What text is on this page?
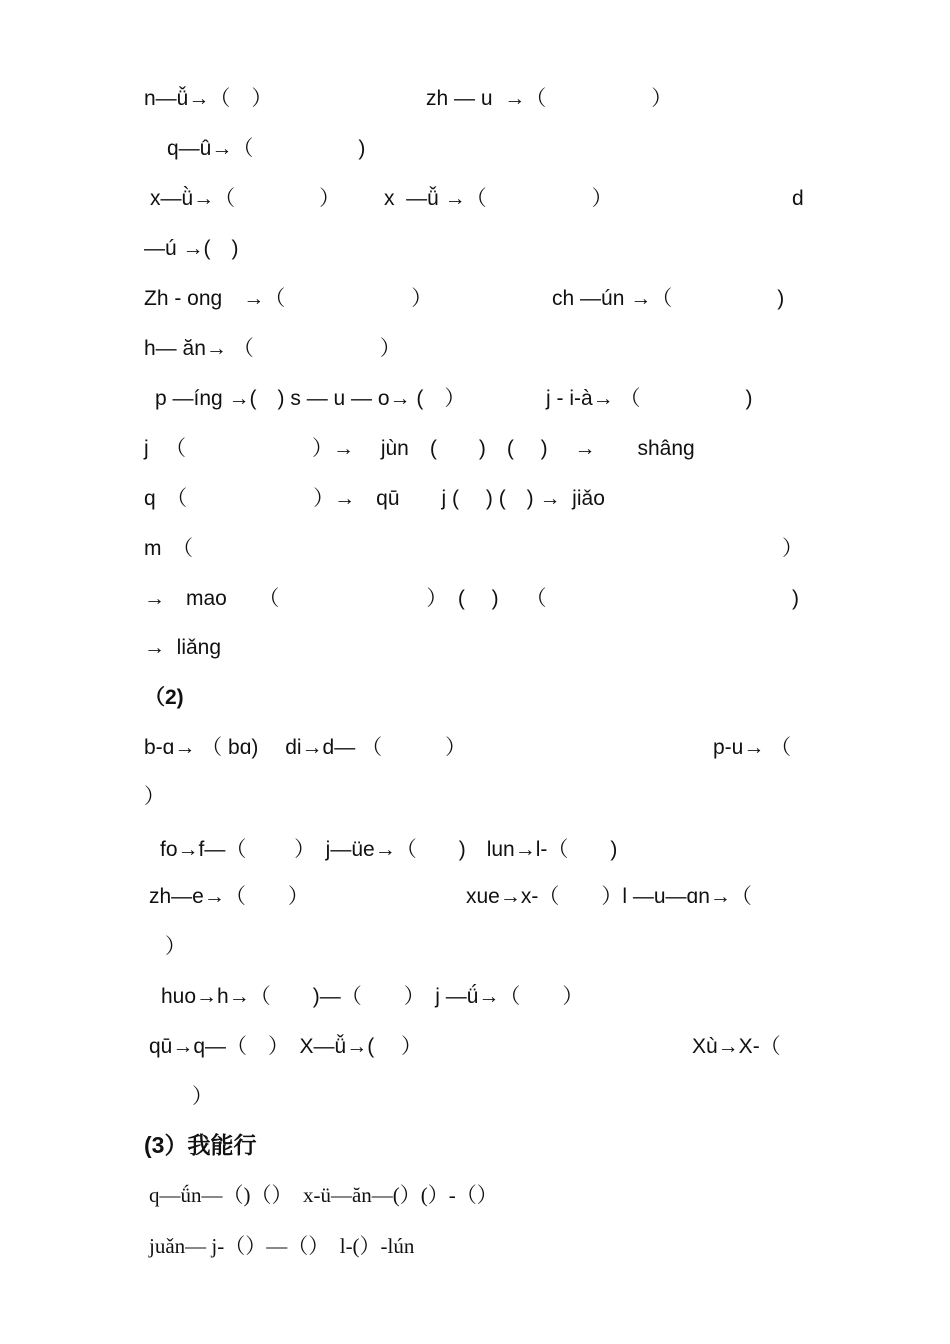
n—ǚ→（　）	zh — u  →（　　　　　）
q—û→（　　　　　)
x—ǜ→（　　　　） x  —ǚ →（　　　　　）	d
—ú →(　)
Zh - ong　→（　　　　　　）	ch —ún →（　　　　　)
h— ăn→ （　　　　　　）
p —íng →(　) s — u — o→ (　）	j - i-à→ （　　　　　)
j 　（　　　　　　）→　 jùn　(　　)　(　 )　 →　　shâng
q　（　　　　　　）→　qū　　j (　 ) (　) →  jiǎo
m　（	）
→　mao　　（　　　　　　　）　(　 )　 （	)
→  liǎng
（2)
b-ɑ→ （ bɑ)　 di→d— （　　　）	p-u→ （
）
fo→f—（　　 ）　j—üe→（　　)　lun→l-（　　)
zh—e→（　　）	xue→x-（　　）l —u—ɑn→（
）
huo→h→（　　)—（　　）　j —ǘ→（　　）
qū→q—（　）　X—ǚ→(　 ）	Xù→X-（
）
(3）我能行
q—ǘn—（)（）　x-ü—ăn—(）(）-（）
juǎn— j-（）—（）　l-(）-lún
